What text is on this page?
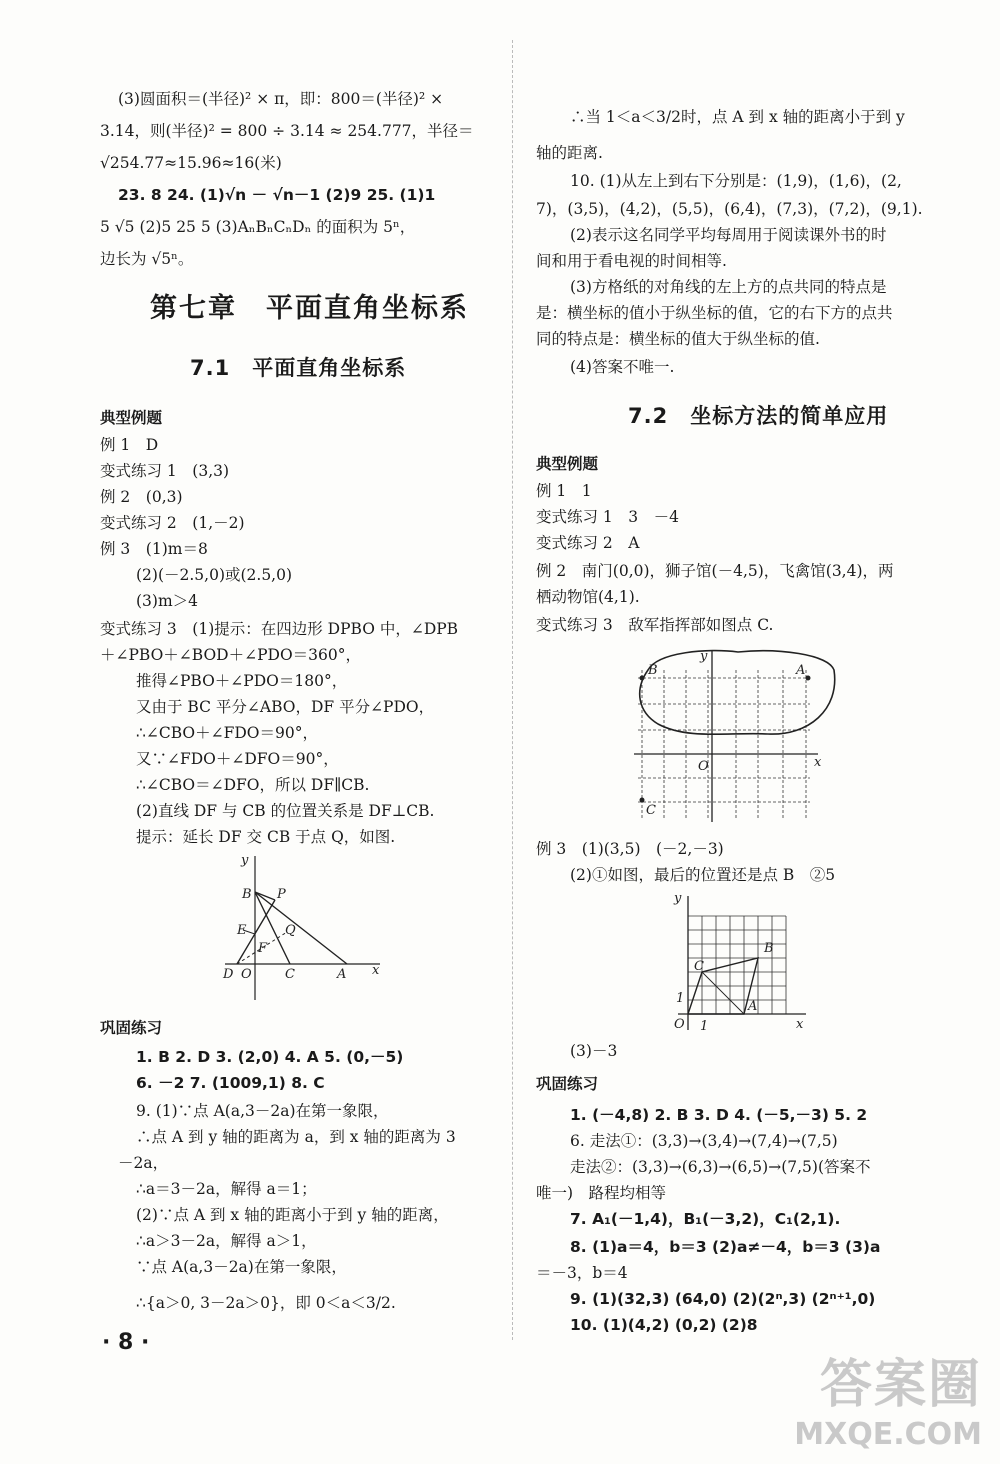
(3)圆面积＝(半径)² × π，即：800＝(半径)² ×
3.14，则(半径)² = 800 ÷ 3.14 ≈ 254.777，半径＝
√254.77≈15.96≈16(米)
23. 8 24. (1)√n － √n－1 (2)9 25. (1)1
5 √5 (2)5 25 5 (3)AₙBₙCₙDₙ 的面积为 5ⁿ，
边长为 √5ⁿ。
第七章　平面直角坐标系
7.1　平面直角坐标系
典型例题
例 1　D
变式练习 1　(3,3)
例 2　(0,3)
变式练习 2　(1,－2)
例 3　(1)m＝8
(2)(－2.5,0)或(2.5,0)
(3)m＞4
变式练习 3　(1)提示：在四边形 DPBO 中，∠DPB
＋∠PBO＋∠BOD＋∠PDO＝360°，
推得∠PBO＋∠PDO＝180°，
又由于 BC 平分∠ABO，DF 平分∠PDO，
∴∠CBO＋∠FDO＝90°，
又∵∠FDO＋∠DFO＝90°，
∴∠CBO＝∠DFO，所以 DF∥CB.
(2)直线 DF 与 CB 的位置关系是 DF⊥CB.
提示：延长 DF 交 CB 于点 Q，如图.
y
B P
E
F
Q
D O	C	A x
巩固练习
1. B 2. D 3. (2,0) 4. A 5. (0,－5)
6. －2 7. (1009,1) 8. C
9. (1)∵点 A(a,3－2a)在第一象限，
∴点 A 到 y 轴的距离为 a，到 x 轴的距离为 3
－2a，
∴a＝3－2a，解得 a＝1；
(2)∵点 A 到 x 轴的距离小于到 y 轴的距离，
∴a＞3－2a，解得 a＞1，
∵点 A(a,3－2a)在第一象限，
∴{a＞0, 3－2a＞0}，即 0＜a＜3/2.
· 8 ·
∴当 1＜a＜3/2时，点 A 到 x 轴的距离小于到 y
轴的距离.
10. (1)从左上到右下分别是：(1,9)，(1,6)，(2,
7)，(3,5)，(4,2)，(5,5)，(6,4)，(7,3)，(7,2)，(9,1).
(2)表示这名同学平均每周用于阅读课外书的时
间和用于看电视的时间相等.
(3)方格纸的对角线的左上方的点共同的特点是
是：横坐标的值小于纵坐标的值，它的右下方的点共
同的特点是：横坐标的值大于纵坐标的值.
(4)答案不唯一.
7.2　坐标方法的简单应用
典型例题
例 1　1
变式练习 1　3　－4
变式练习 2　A
例 2　南门(0,0)，狮子馆(－4,5)，飞禽馆(3,4)，两
栖动物馆(4,1).
变式练习 3　敌军指挥部如图点 C.
y
B	A
O	x
C
例 3　(1)(3,5)　(－2,－3)
(2)①如图，最后的位置还是点 B　②5
y
B
C
1
A
O 1	x
(3)－3
巩固练习
1. (－4,8) 2. B 3. D 4. (－5,－3) 5. 2
6. 走法①：(3,3)→(3,4)→(7,4)→(7,5)
走法②：(3,3)→(6,3)→(6,5)→(7,5)(答案不
唯一)　路程均相等
7. A₁(－1,4)，B₁(－3,2)，C₁(2,1).
8. (1)a＝4，b＝3 (2)a≠－4，b＝3 (3)a
＝－3，b＝4
9. (1)(32,3) (64,0) (2)(2ⁿ,3) (2ⁿ⁺¹,0)
10. (1)(4,2) (0,2) (2)8
答案圈
MXQE.COM
